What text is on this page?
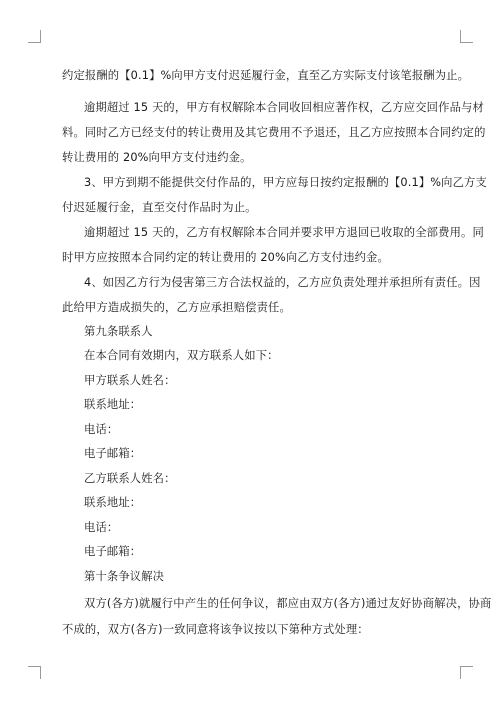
约定报酬的【0.1】%向甲方支付迟延履行金，直至乙方实际支付该笔报酬为止。
逾期超过 15 天的，甲方有权解除本合同收回相应著作权，乙方应交回作品与材
料。同时乙方已经支付的转让费用及其它费用不予退还，且乙方应按照本合同约定的
转让费用的 20%向甲方支付违约金。
3、甲方到期不能提供交付作品的，甲方应每日按约定报酬的【0.1】%向乙方支
付迟延履行金，直至交付作品时为止。
逾期超过 15 天的，乙方有权解除本合同并要求甲方退回已收取的全部费用。同
时甲方应按照本合同约定的转让费用的 20%向乙方支付违约金。
4、如因乙方行为侵害第三方合法权益的，乙方应负责处理并承担所有责任。因
此给甲方造成损失的，乙方应承担赔偿责任。
第九条联系人
在本合同有效期内，双方联系人如下：
甲方联系人姓名：
联系地址：
电话：
电子邮箱：
乙方联系人姓名：
联系地址：
电话：
电子邮箱：
第十条争议解决
双方(各方)就履行中产生的任何争议，都应由双方(各方)通过友好协商解决，协商
不成的，双方(各方)一致同意将该争议按以下第种方式处理：
